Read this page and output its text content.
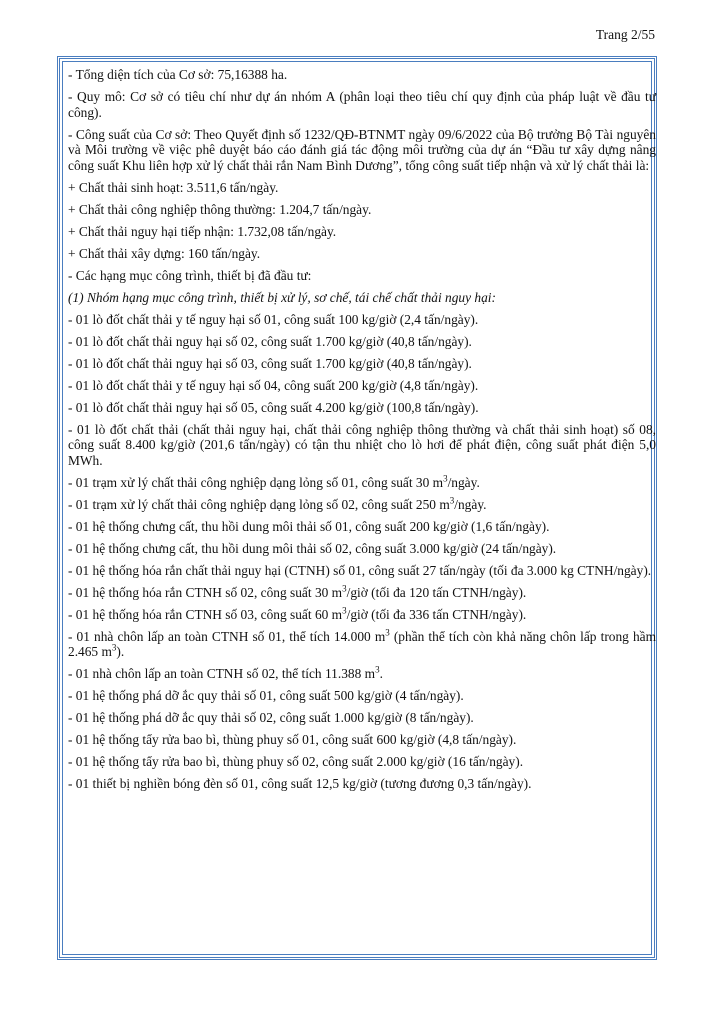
Trang 2/55

- Tổng diện tích của Cơ sở: 75,16388 ha.

- Quy mô: Cơ sở có tiêu chí như dự án nhóm A (phân loại theo tiêu chí quy định của pháp luật về đầu tư công).

- Công suất của Cơ sở: Theo Quyết định số 1232/QĐ-BTNMT ngày 09/6/2022 của Bộ trưởng Bộ Tài nguyên và Môi trường về việc phê duyệt báo cáo đánh giá tác động môi trường của dự án “Đầu tư xây dựng nâng công suất Khu liên hợp xử lý chất thải rắn Nam Bình Dương”, tổng công suất tiếp nhận và xử lý chất thải là:

+ Chất thải sinh hoạt: 3.511,6 tấn/ngày.

+ Chất thải công nghiệp thông thường: 1.204,7 tấn/ngày.

+ Chất thải nguy hại tiếp nhận: 1.732,08 tấn/ngày.

+ Chất thải xây dựng: 160 tấn/ngày.

- Các hạng mục công trình, thiết bị đã đầu tư:

(1) Nhóm hạng mục công trình, thiết bị xử lý, sơ chế, tái chế chất thải nguy hại:

- 01 lò đốt chất thải y tế nguy hại số 01, công suất 100 kg/giờ (2,4 tấn/ngày).

- 01 lò đốt chất thải nguy hại số 02, công suất 1.700 kg/giờ (40,8 tấn/ngày).

- 01 lò đốt chất thải nguy hại số 03, công suất 1.700 kg/giờ (40,8 tấn/ngày).

- 01 lò đốt chất thải y tế nguy hại số 04, công suất 200 kg/giờ (4,8 tấn/ngày).

- 01 lò đốt chất thải nguy hại số 05, công suất 4.200 kg/giờ (100,8 tấn/ngày).

- 01 lò đốt chất thải (chất thải nguy hại, chất thải công nghiệp thông thường và chất thải sinh hoạt) số 08, công suất 8.400 kg/giờ (201,6 tấn/ngày) có tận thu nhiệt cho lò hơi để phát điện, công suất phát điện 5,0 MWh.

- 01 trạm xử lý chất thải công nghiệp dạng lỏng số 01, công suất 30 $m^3$/ngày.

- 01 trạm xử lý chất thải công nghiệp dạng lỏng số 02, công suất 250 $m^3$/ngày.

- 01 hệ thống chưng cất, thu hồi dung môi thải số 01, công suất 200 kg/giờ (1,6 tấn/ngày).

- 01 hệ thống chưng cất, thu hồi dung môi thải số 02, công suất 3.000 kg/giờ (24 tấn/ngày).

- 01 hệ thống hóa rắn chất thải nguy hại (CTNH) số 01, công suất 27 tấn/ngày (tối đa 3.000 kg CTNH/ngày).

- 01 hệ thống hóa rắn CTNH số 02, công suất 30 $m^3$/giờ (tối đa 120 tấn CTNH/ngày).

- 01 hệ thống hóa rắn CTNH số 03, công suất 60 $m^3$/giờ (tối đa 336 tấn CTNH/ngày).

- 01 nhà chôn lấp an toàn CTNH số 01, thể tích 14.000 $m^3$ (phần thể tích còn khả năng chôn lấp trong hầm 2.465 $m^3$).

- 01 nhà chôn lấp an toàn CTNH số 02, thể tích 11.388 $m^3$.

- 01 hệ thống phá dỡ ắc quy thải số 01, công suất 500 kg/giờ (4 tấn/ngày).

- 01 hệ thống phá dỡ ắc quy thải số 02, công suất 1.000 kg/giờ (8 tấn/ngày).

- 01 hệ thống tẩy rửa bao bì, thùng phuy số 01, công suất 600 kg/giờ (4,8 tấn/ngày).

- 01 hệ thống tẩy rửa bao bì, thùng phuy số 02, công suất 2.000 kg/giờ (16 tấn/ngày).

- 01 thiết bị nghiền bóng đèn số 01, công suất 12,5 kg/giờ (tương đương 0,3 tấn/ngày).
